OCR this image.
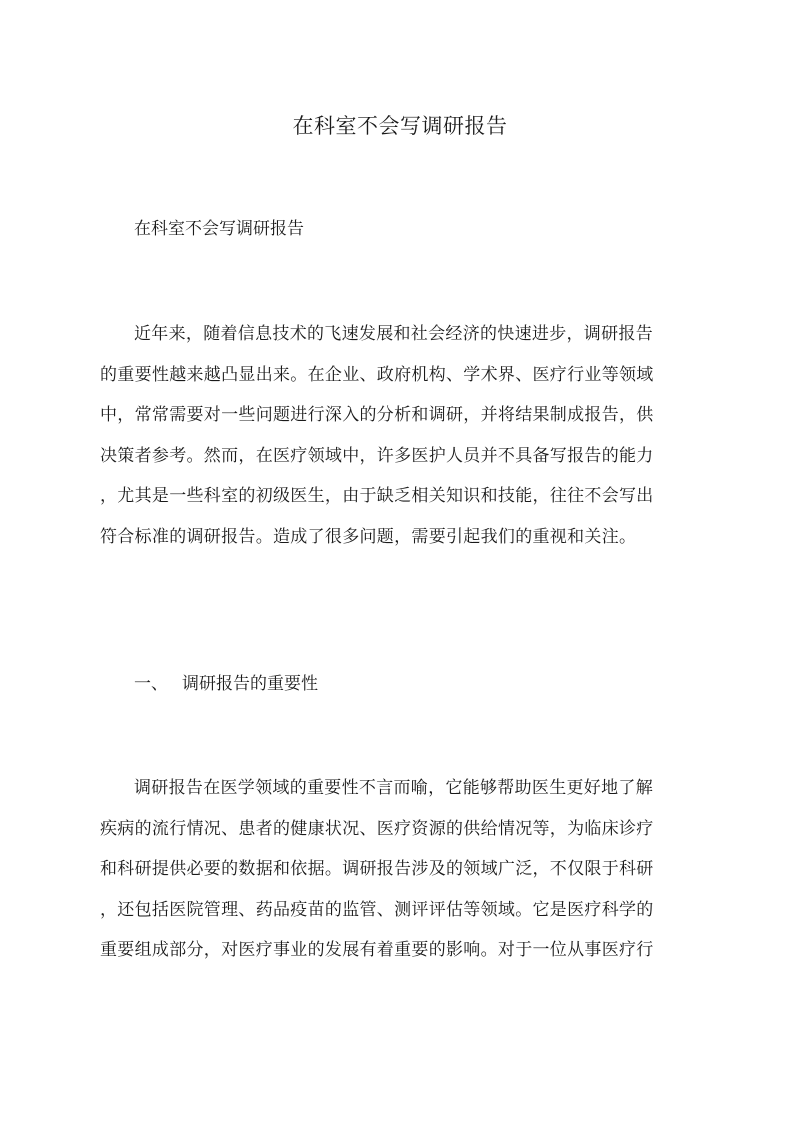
在科室不会写调研报告
在科室不会写调研报告
近年来，随着信息技术的飞速发展和社会经济的快速进步，调研报告
的重要性越来越凸显出来。在企业、政府机构、学术界、医疗行业等领域
中，常常需要对一些问题进行深入的分析和调研，并将结果制成报告，供
决策者参考。然而，在医疗领域中，许多医护人员并不具备写报告的能力
，尤其是一些科室的初级医生，由于缺乏相关知识和技能，往往不会写出
符合标准的调研报告。造成了很多问题，需要引起我们的重视和关注。
一、 调研报告的重要性
调研报告在医学领域的重要性不言而喻，它能够帮助医生更好地了解
疾病的流行情况、患者的健康状况、医疗资源的供给情况等，为临床诊疗
和科研提供必要的数据和依据。调研报告涉及的领域广泛，不仅限于科研
，还包括医院管理、药品疫苗的监管、测评评估等领域。它是医疗科学的
重要组成部分，对医疗事业的发展有着重要的影响。对于一位从事医疗行
